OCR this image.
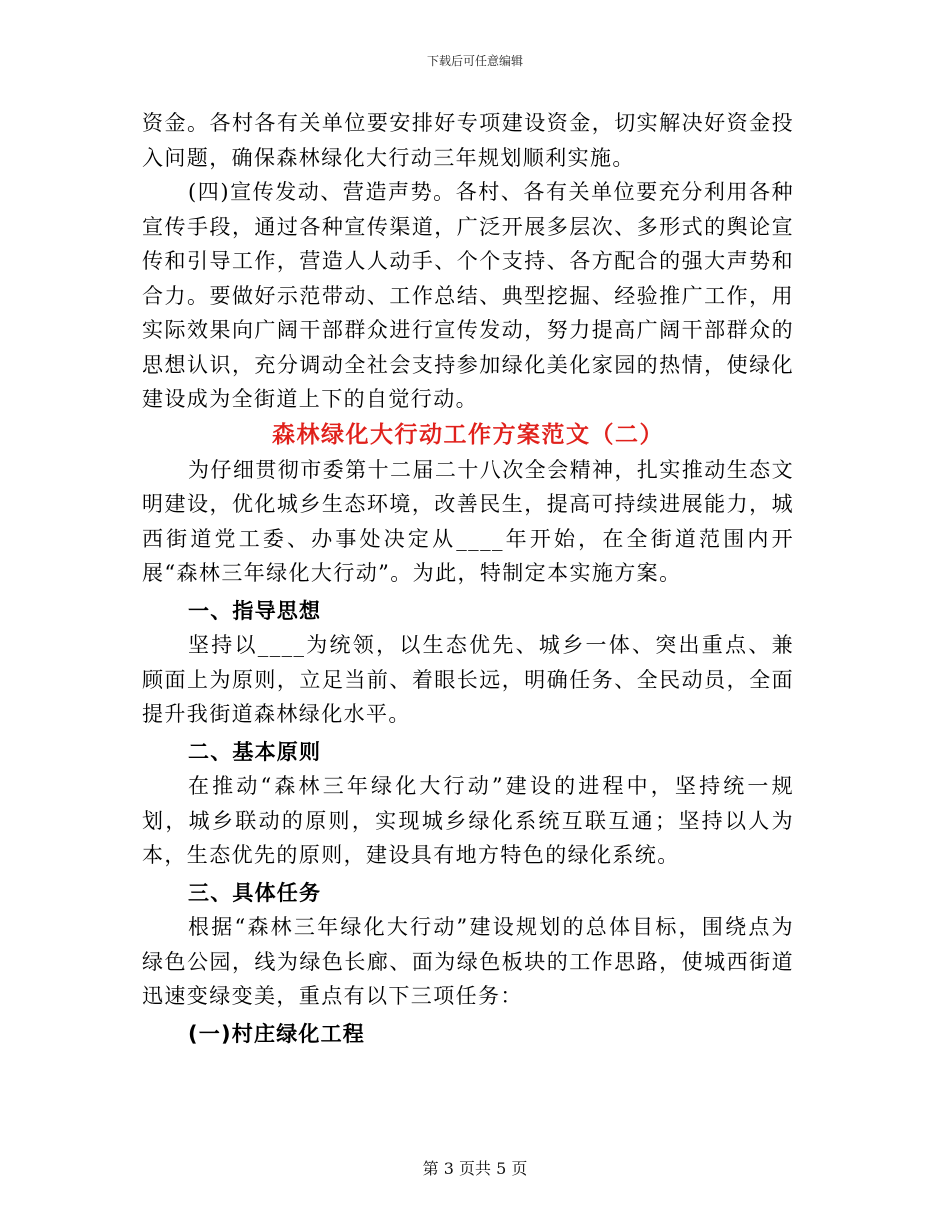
下载后可任意编辑

资金。各村各有关单位要安排好专项建设资金，切实解决好资金投入问题，确保森林绿化大行动三年规划顺利实施。

(四)宣传发动、营造声势。各村、各有关单位要充分利用各种宣传手段，通过各种宣传渠道，广泛开展多层次、多形式的舆论宣传和引导工作，营造人人动手、个个支持、各方配合的强大声势和合力。要做好示范带动、工作总结、典型挖掘、经验推广工作，用实际效果向广阔干部群众进行宣传发动，努力提高广阔干部群众的思想认识，充分调动全社会支持参加绿化美化家园的热情，使绿化建设成为全街道上下的自觉行动。

森林绿化大行动工作方案范文（二）

为仔细贯彻市委第十二届二十八次全会精神，扎实推动生态文明建设，优化城乡生态环境，改善民生，提高可持续进展能力，城西街道党工委、办事处决定从____年开始，在全街道范围内开展“森林三年绿化大行动”。为此，特制定本实施方案。

一、指导思想

坚持以____为统领，以生态优先、城乡一体、突出重点、兼顾面上为原则，立足当前、着眼长远，明确任务、全民动员，全面提升我街道森林绿化水平。

二、基本原则

在推动“森林三年绿化大行动”建设的进程中，坚持统一规划，城乡联动的原则，实现城乡绿化系统互联互通；坚持以人为本，生态优先的原则，建设具有地方特色的绿化系统。

三、具体任务

根据“森林三年绿化大行动”建设规划的总体目标，围绕点为绿色公园，线为绿色长廊、面为绿色板块的工作思路，使城西街道迅速变绿变美，重点有以下三项任务：

(一)村庄绿化工程

第 3 页共 5 页
